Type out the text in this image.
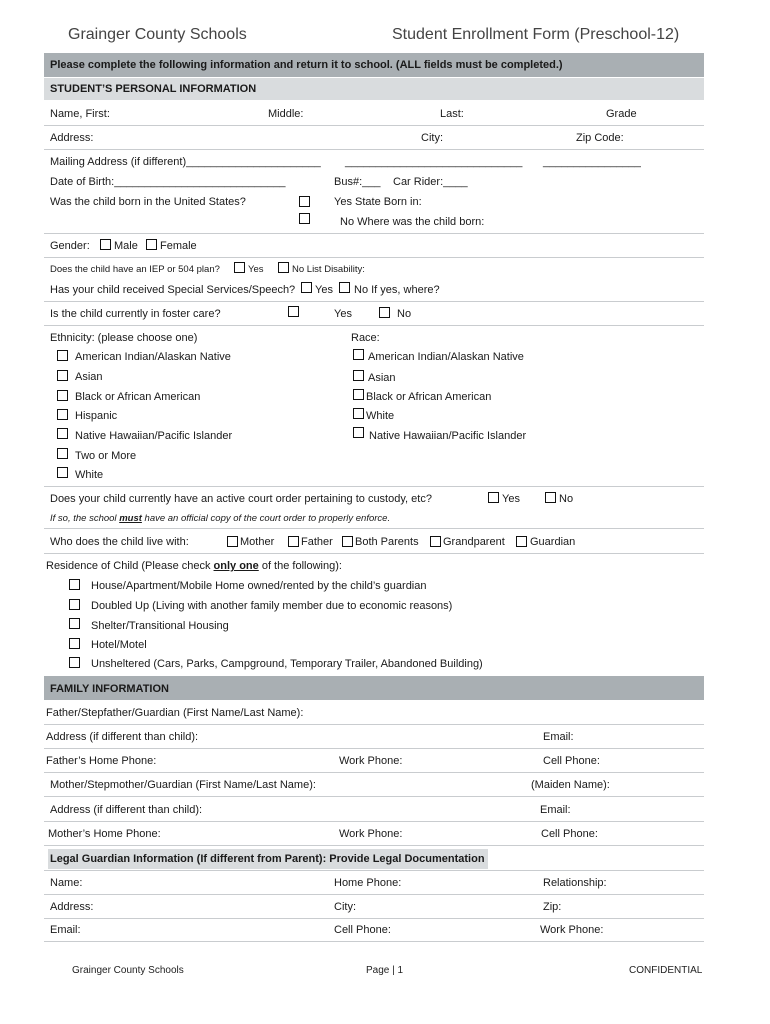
Grainger County Schools	Student Enrollment Form (Preschool-12)
Please complete the following information and return it to school. (ALL fields must be completed.)
STUDENT’S PERSONAL INFORMATION
Name, First:	Middle:	Last:	Grade
Address:	City:	Zip Code:
Mailing Address (if different)______________________ _____________________________ ________________
Date of Birth:____________________________	Bus#:___ Car Rider:____
Was the child born in the United States?	Yes State Born in:
No Where was the child born:
Gender: Male Female
Does the child have an IEP or 504 plan?	Yes	No List Disability:
Has your child received Special Services/Speech? Yes No If yes, where?
Is the child currently in foster care?	Yes	No
Ethnicity: (please choose one)	Race:
American Indian/Alaskan Native
Asian
Black or African American
Hispanic
Native Hawaiian/Pacific Islander
Two or More
White
American Indian/Alaskan Native
Asian
Black or African American
White
Native Hawaiian/Pacific Islander
Does your child currently have an active court order pertaining to custody, etc?	Yes	No
If so, the school must have an official copy of the court order to properly enforce.
Who does the child live with:	Mother Father Both Parents Grandparent Guardian
Residence of Child (Please check only one of the following):
House/Apartment/Mobile Home owned/rented by the child’s guardian
Doubled Up (Living with another family member due to economic reasons)
Shelter/Transitional Housing
Hotel/Motel
Unsheltered (Cars, Parks, Campground, Temporary Trailer, Abandoned Building)
FAMILY INFORMATION
Father/Stepfather/Guardian (First Name/Last Name):
Address (if different than child):	Email:
Father’s Home Phone:	Work Phone:	Cell Phone:
Mother/Stepmother/Guardian (First Name/Last Name):	(Maiden Name):
Address (if different than child):	Email:
Mother’s Home Phone:	Work Phone:	Cell Phone:
Legal Guardian Information (If different from Parent): Provide Legal Documentation
Name:	Home Phone:	Relationship:
Address:	City:	Zip:
Email:	Cell Phone:	Work Phone:
Grainger County Schools	Page | 1	CONFIDENTIAL
